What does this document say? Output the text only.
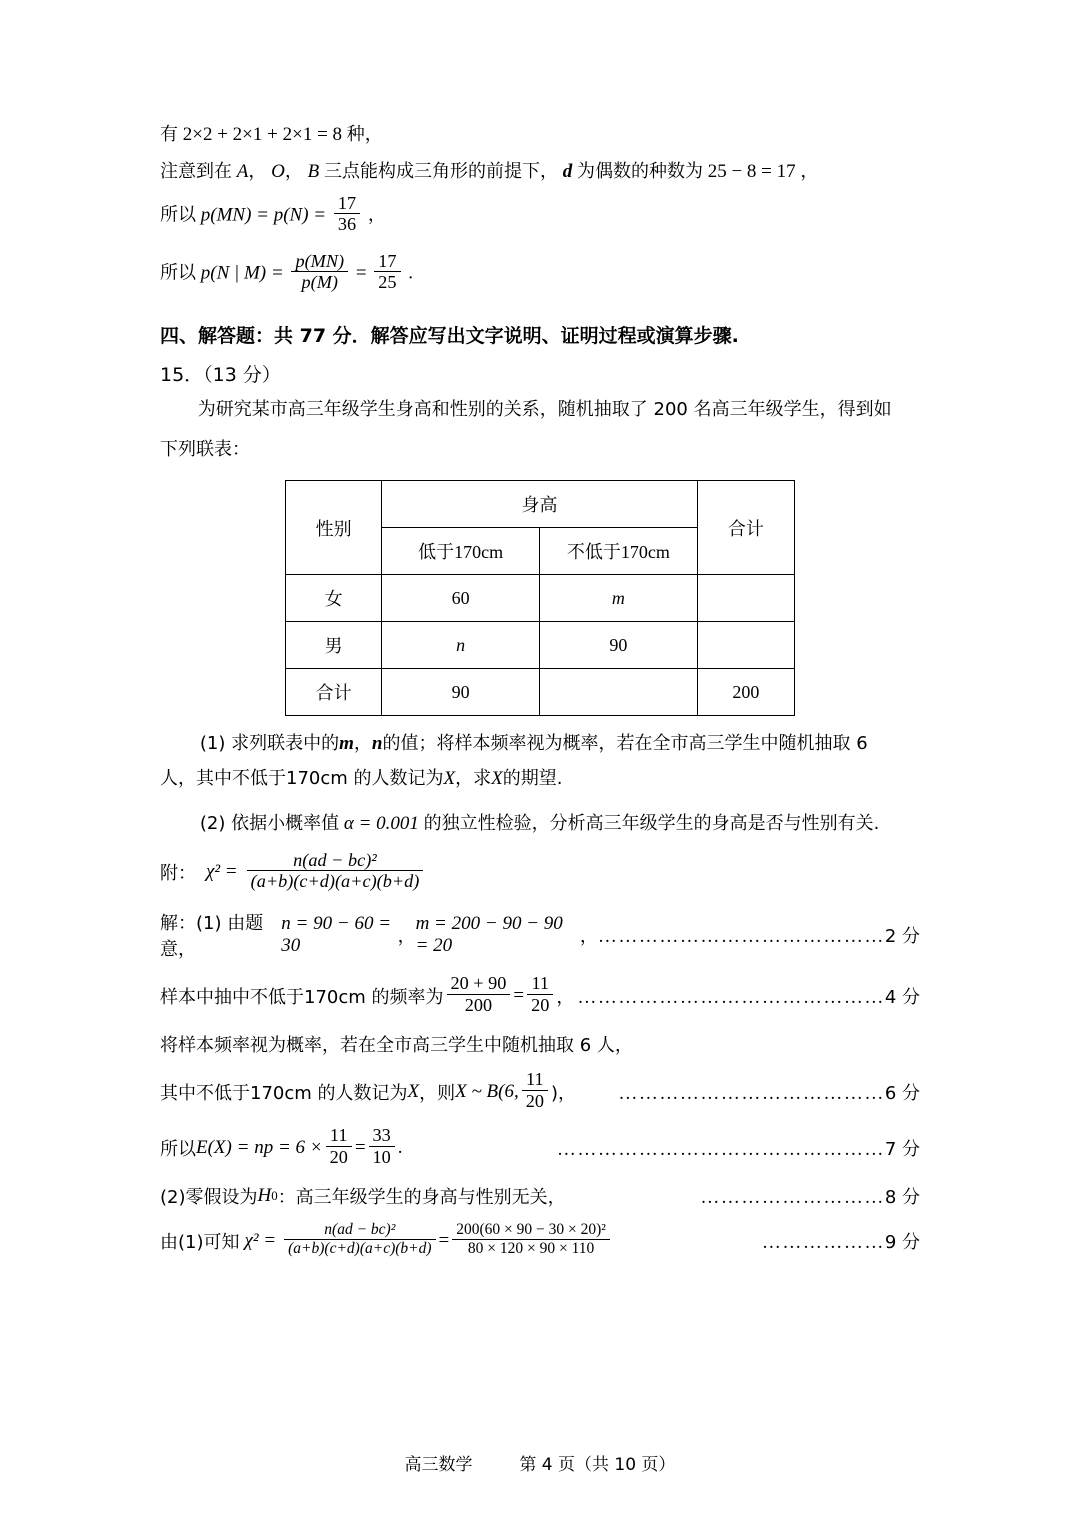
有 2×2 + 2×1 + 2×1 = 8 种，
注意到在 A， O， B 三点能构成三角形的前提下， d 为偶数的种数为 25 − 8 = 17 ，
所以 $p(MN) = p(N) = \frac{17}{36}$ ，
所以 p(N | $M) = \frac{p(MN)}{p(M)} = \frac{17}{25}$ .
四、解答题：共 77 分．解答应写出文字说明、证明过程或演算步骤.
15．（13 分）
为研究某市高三年级学生身高和性别的关系，随机抽取了 200 名高三年级学生，得到如
下列联表：
性别	身高		合计
	低于170cm	不低于170cm	
女	60	m	
男	n	90	
合计	90		200
(1) 求列联表中的m，n的值；将样本频率视为概率，若在全市高三学生中随机抽取 6
人，其中不低于170cm 的人数记为X，求X的期望.
(2) 依据小概率值 α = 0.001 的独立性检验，分析高三年级学生的身高是否与性别有关.
附： $\chi^2 = \frac{\text{n(ad − bc)²}}{(a+b)(c+d)(a+c)(b+d)}$
解：(1) 由题意，
n = 90 − 60 = 30	，
m = 200 − 90 − 90 = 20	， ……………………………………2 分
样本中抽中不低于170cm 的频率为 $\frac{20 + 90}{200} = \frac{11}{20}$ ， ………………………………………4 分
将样本频率视为概率，若在全市高三学生中随机抽取 6 人，
其中不低于170cm 的人数记为 X ，则 X ~ B(6, $\frac{11}{20}$ )， …………………………………6 分
所以 E(X) = np = $6 \times \frac{11}{20} = \frac{33}{10}$ .	…………………………………………7 分
(2)零假设为 H 0 ：高三年级学生的身高与性别无关，	………………………8 分
由(1)可知 $\chi^2 = \frac{\text{n(ad − bc)²}}{(a+b)(c+d)(a+c)(b+d)} = \frac{\text{200(60 × 90 − 30 × 20)²}}{80 \times 120 \times 90 \times 110}$	………………9 分
高三数学	第 4 页（共 10 页）
